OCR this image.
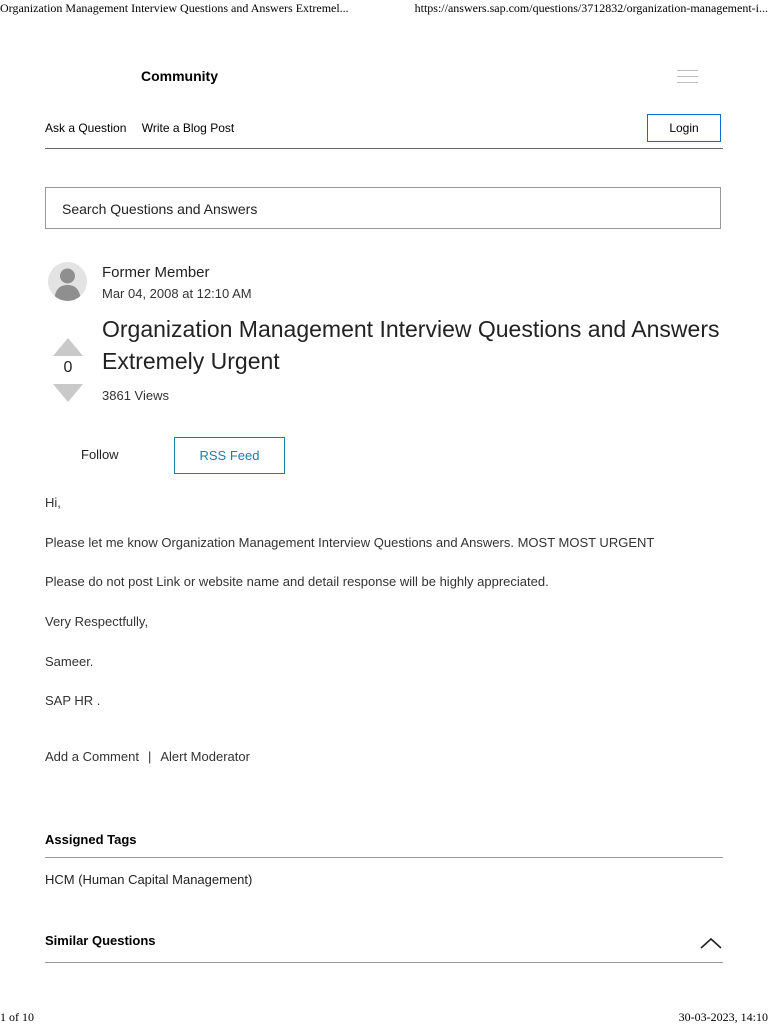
Organization Management Interview Questions and Answers Extremel...	https://answers.sap.com/questions/3712832/organization-management-i...
Community
Ask a Question Write a Blog Post	Login
Search Questions and Answers
Former Member
Mar 04, 2008 at 12:10 AM
Organization Management Interview Questions and Answers Extremely Urgent
0
3861 Views
Follow	RSS Feed

Hi,

Please let me know Organization Management Interview Questions and Answers. MOST MOST URGENT

Please do not post Link or website name and detail response will be highly appreciated.

Very Respectfully,

Sameer.

SAP HR .

Add a Comment | Alert Moderator
Assigned Tags
HCM (Human Capital Management)
Similar Questions
1 of 10	30-03-2023, 14:10
